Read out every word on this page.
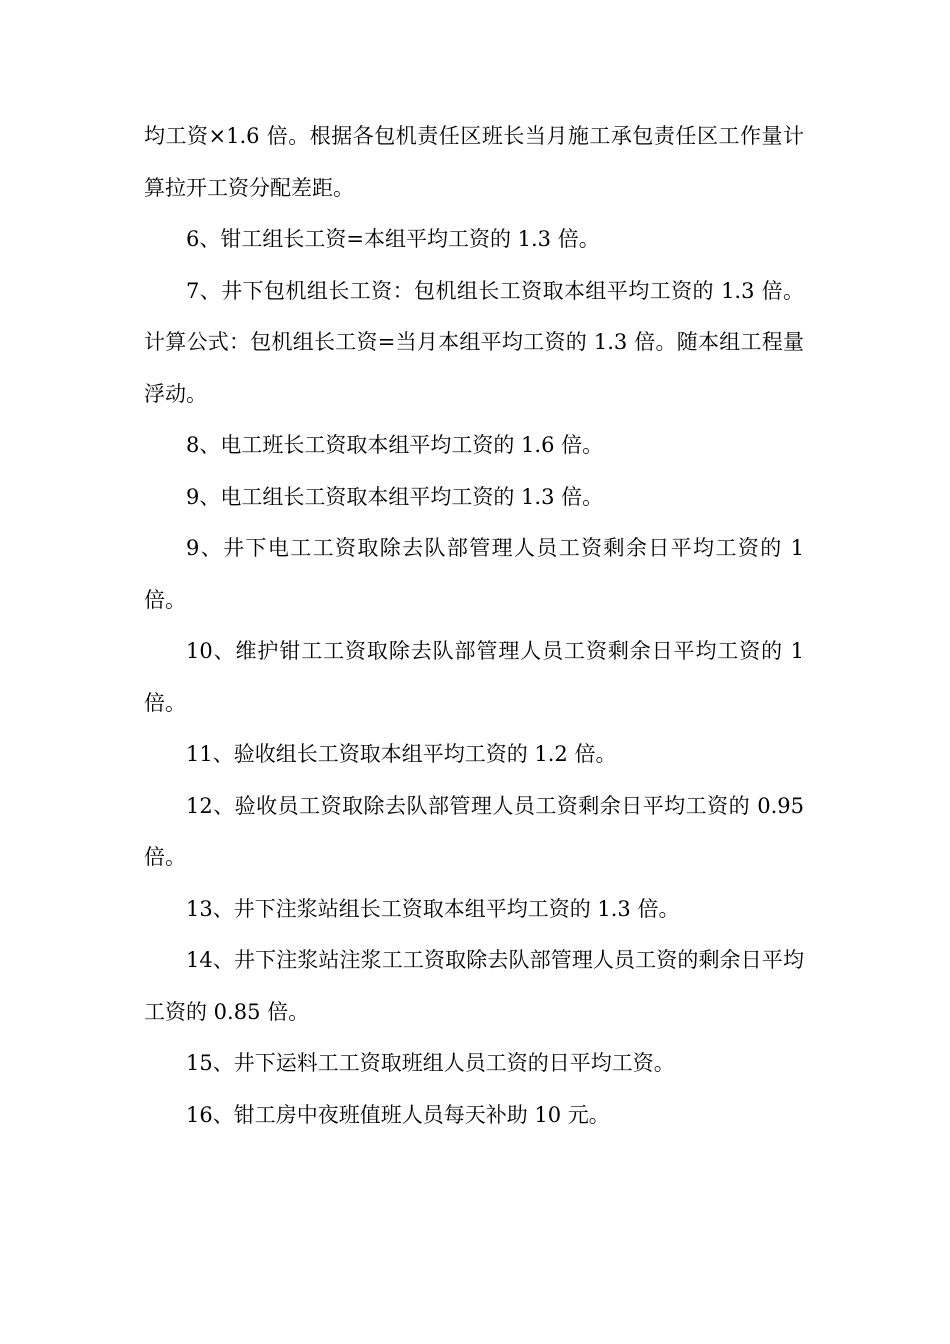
均工资×1.6 倍。根据各包机责任区班长当月施工承包责任区工作量计算拉开工资分配差距。

6、钳工组长工资=本组平均工资的 1.3 倍。

7、井下包机组长工资：包机组长工资取本组平均工资的 1.3 倍。计算公式：包机组长工资=当月本组平均工资的 1.3 倍。随本组工程量浮动。

8、电工班长工资取本组平均工资的 1.6 倍。

9、电工组长工资取本组平均工资的 1.3 倍。

9、井下电工工资取除去队部管理人员工资剩余日平均工资的 1 倍。

10、维护钳工工资取除去队部管理人员工资剩余日平均工资的 1 倍。

11、验收组长工资取本组平均工资的 1.2 倍。

12、验收员工资取除去队部管理人员工资剩余日平均工资的 0.95 倍。

13、井下注浆站组长工资取本组平均工资的 1.3 倍。

14、井下注浆站注浆工工资取除去队部管理人员工资的剩余日平均工资的 0.85 倍。

15、井下运料工工资取班组人员工资的日平均工资。

16、钳工房中夜班值班人员每天补助 10 元。
